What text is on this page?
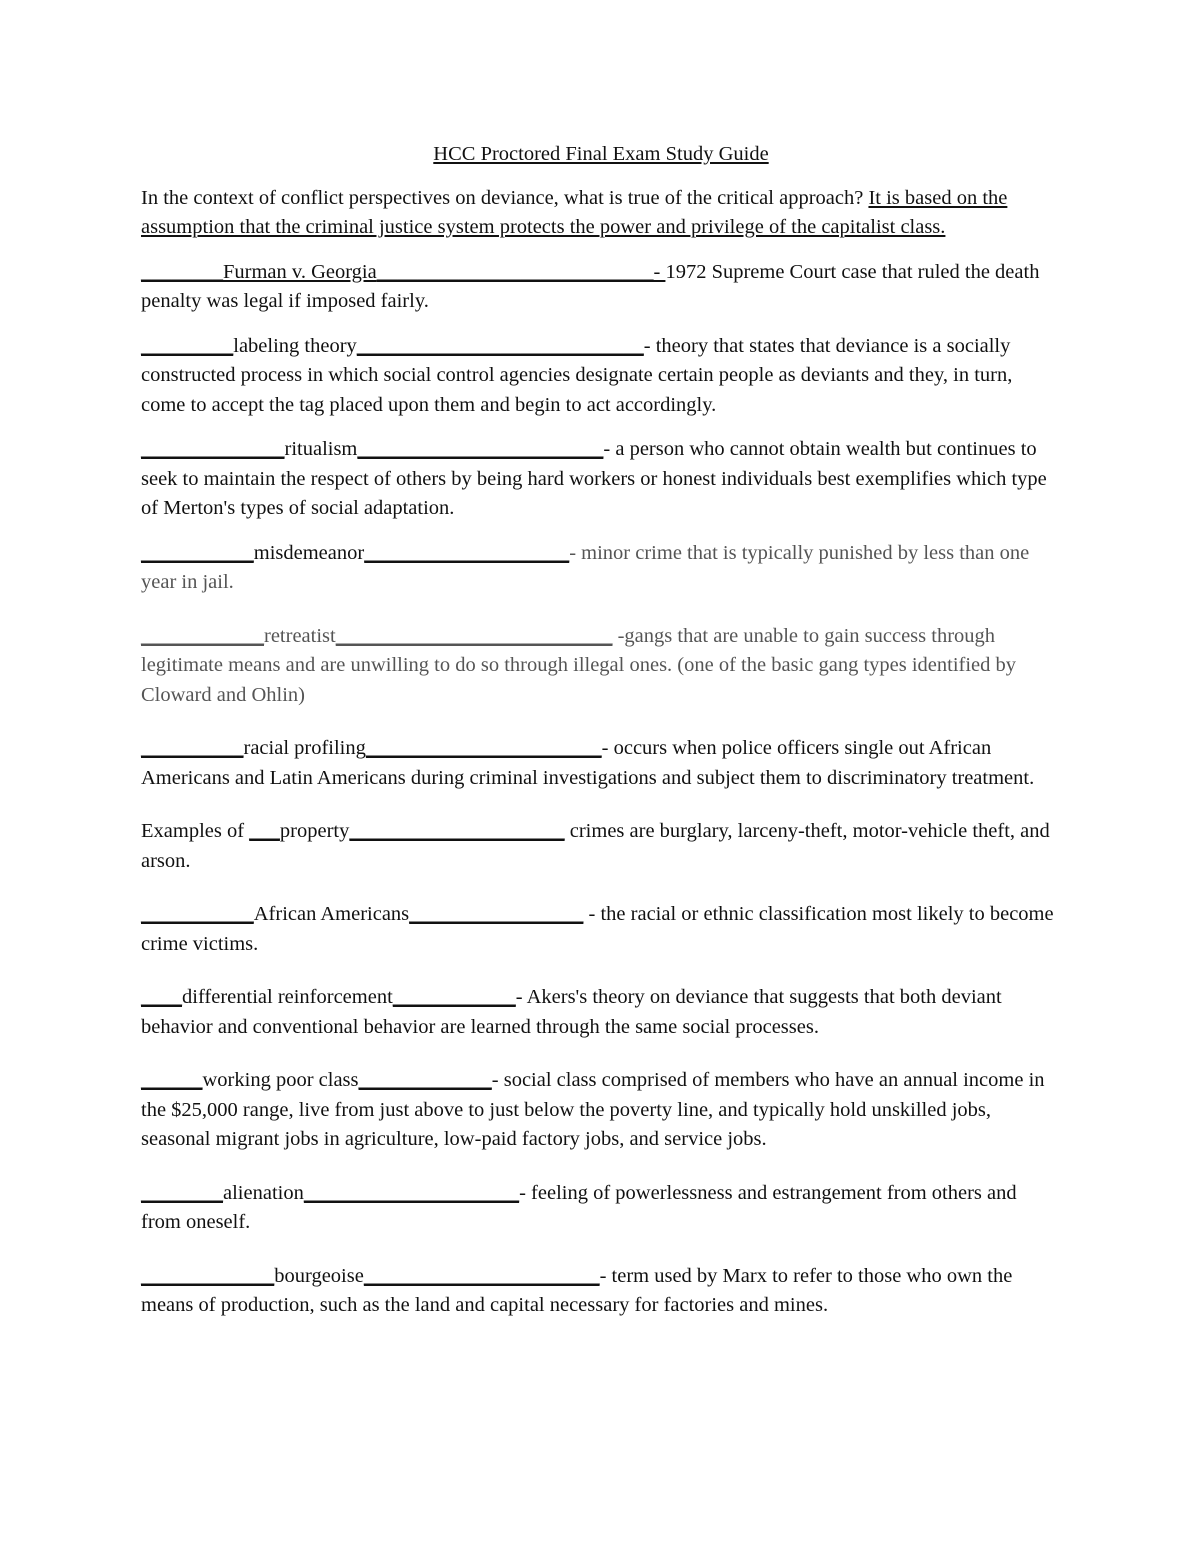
HCC Proctored Final Exam Study Guide

In the context of conflict perspectives on deviance, what is true of the critical approach? It is based on the assumption that the criminal justice system protects the power and privilege of the capitalist class.

________Furman v. Georgia___________________________- 1972 Supreme Court case that ruled the death penalty was legal if imposed fairly.

_________labeling theory____________________________- theory that states that deviance is a socially constructed process in which social control agencies designate certain people as deviants and they, in turn, come to accept the tag placed upon them and begin to act accordingly.

______________ritualism________________________- a person who cannot obtain wealth but continues to seek to maintain the respect of others by being hard workers or honest individuals best exemplifies which type of Merton's types of social adaptation.

___________misdemeanor____________________- minor crime that is typically punished by less than one year in jail.

____________retreatist___________________________ -gangs that are unable to gain success through legitimate means and are unwilling to do so through illegal ones. (one of the basic gang types identified by Cloward and Ohlin)

__________racial profiling_______________________- occurs when police officers single out African Americans and Latin Americans during criminal investigations and subject them to discriminatory treatment.

Examples of ___property_____________________ crimes are burglary, larceny-theft, motor-vehicle theft, and arson.

___________African Americans_________________ - the racial or ethnic classification most likely to become crime victims.

____differential reinforcement____________- Akers's theory on deviance that suggests that both deviant behavior and conventional behavior are learned through the same social processes.

______working poor class_____________- social class comprised of members who have an annual income in the $25,000 range, live from just above to just below the poverty line, and typically hold unskilled jobs, seasonal migrant jobs in agriculture, low-paid factory jobs, and service jobs.

________alienation_____________________- feeling of powerlessness and estrangement from others and from oneself.

_____________bourgeoise_______________________- term used by Marx to refer to those who own the means of production, such as the land and capital necessary for factories and mines.
